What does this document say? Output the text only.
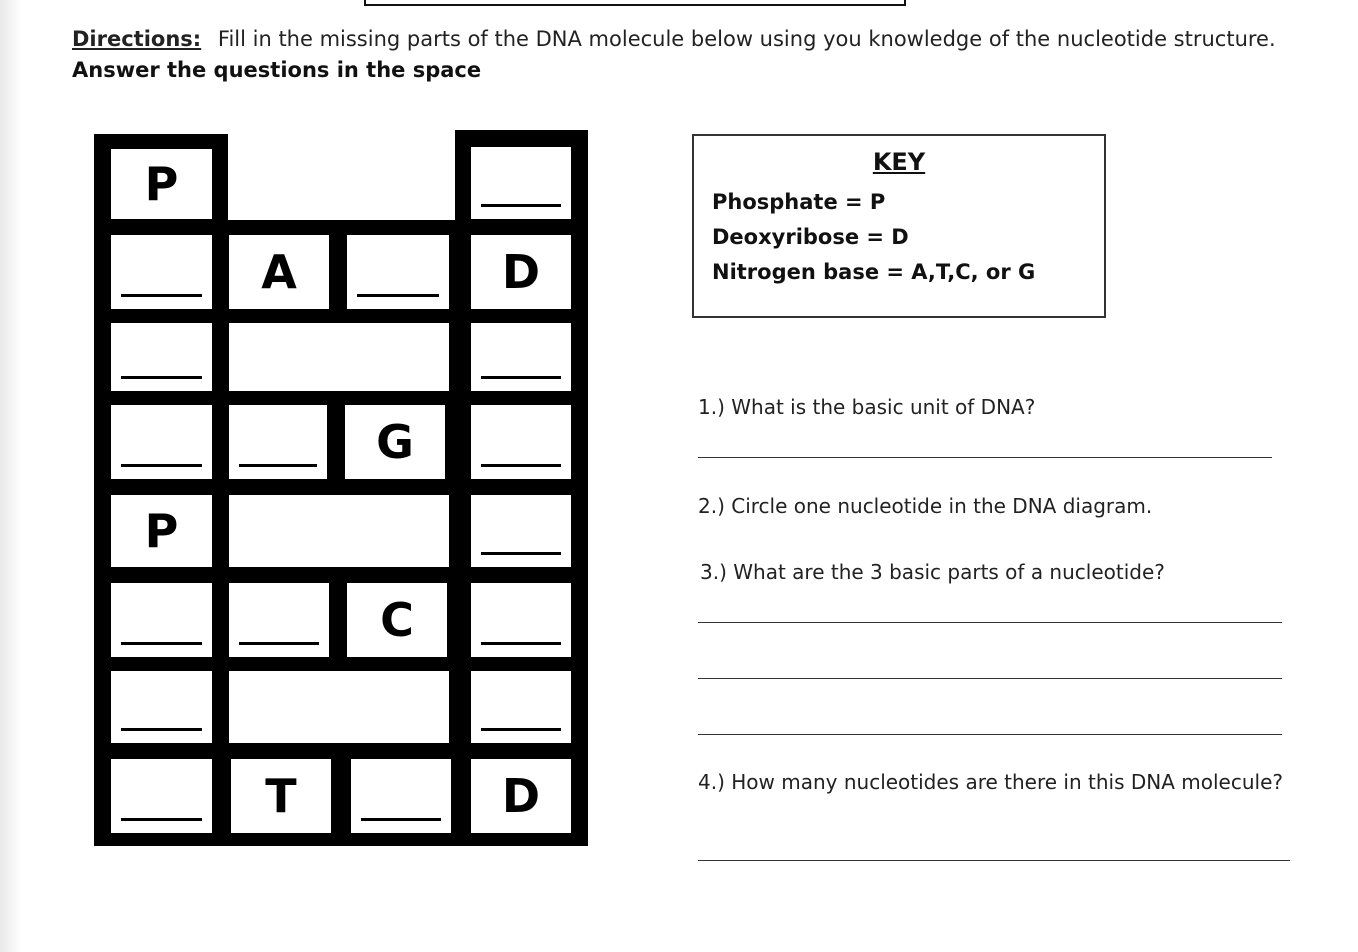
Directions: Fill in the missing parts of the DNA molecule below using you knowledge of the nucleotide structure. Answer the questions in the space
P
A	D
G
P
C
T	D
KEY
Phosphate = P
Deoxyribose = D
Nitrogen base = A,T,C, or G
1.) What is the basic unit of DNA?
2.) Circle one nucleotide in the DNA diagram.
3.) What are the 3 basic parts of a nucleotide?
4.) How many nucleotides are there in this DNA molecule?
